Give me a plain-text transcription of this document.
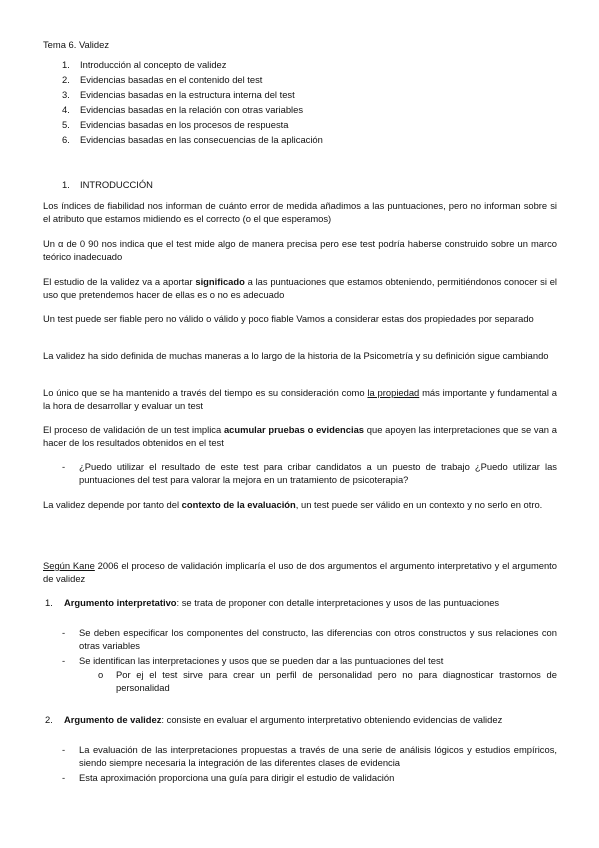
Tema 6. Validez
1. Introducción al concepto de validez
2. Evidencias basadas en el contenido del test
3. Evidencias basadas en la estructura interna del test
4. Evidencias basadas en la relación con otras variables
5. Evidencias basadas en los procesos de respuesta
6. Evidencias basadas en las consecuencias de la aplicación
1. INTRODUCCIÓN
Los índices de fiabilidad nos informan de cuánto error de medida añadimos a las puntuaciones, pero no informan sobre si el atributo que estamos midiendo es el correcto (o el que esperamos)
Un α de 0 90 nos indica que el test mide algo de manera precisa pero ese test podría haberse construido sobre un marco teórico inadecuado
El estudio de la validez va a aportar significado a las puntuaciones que estamos obteniendo, permitiéndonos conocer si el uso que pretendemos hacer de ellas es o no es adecuado
Un test puede ser fiable pero no válido o válido y poco fiable Vamos a considerar estas dos propiedades por separado
La validez ha sido definida de muchas maneras a lo largo de la historia de la Psicometría y su definición sigue cambiando
Lo único que se ha mantenido a través del tiempo es su consideración como la propiedad más importante y fundamental a la hora de desarrollar y evaluar un test
El proceso de validación de un test implica acumular pruebas o evidencias que apoyen las interpretaciones que se van a hacer de los resultados obtenidos en el test
- ¿Puedo utilizar el resultado de este test para cribar candidatos a un puesto de trabajo ¿Puedo utilizar las puntuaciones del test para valorar la mejora en un tratamiento de psicoterapia?
La validez depende por tanto del contexto de la evaluación, un test puede ser válido en un contexto y no serlo en otro.
Según Kane 2006 el proceso de validación implicaría el uso de dos argumentos el argumento interpretativo y el argumento de validez
1. Argumento interpretativo: se trata de proponer con detalle interpretaciones y usos de las puntuaciones
- Se deben especificar los componentes del constructo, las diferencias con otros constructos y sus relaciones con otras variables
- Se identifican las interpretaciones y usos que se pueden dar a las puntuaciones del test
o Por ej el test sirve para crear un perfil de personalidad pero no para diagnosticar trastornos de personalidad
2. Argumento de validez: consiste en evaluar el argumento interpretativo obteniendo evidencias de validez
- La evaluación de las interpretaciones propuestas a través de una serie de análisis lógicos y estudios empíricos, siendo siempre necesaria la integración de las diferentes clases de evidencia
- Esta aproximación proporciona una guía para dirigir el estudio de validación
